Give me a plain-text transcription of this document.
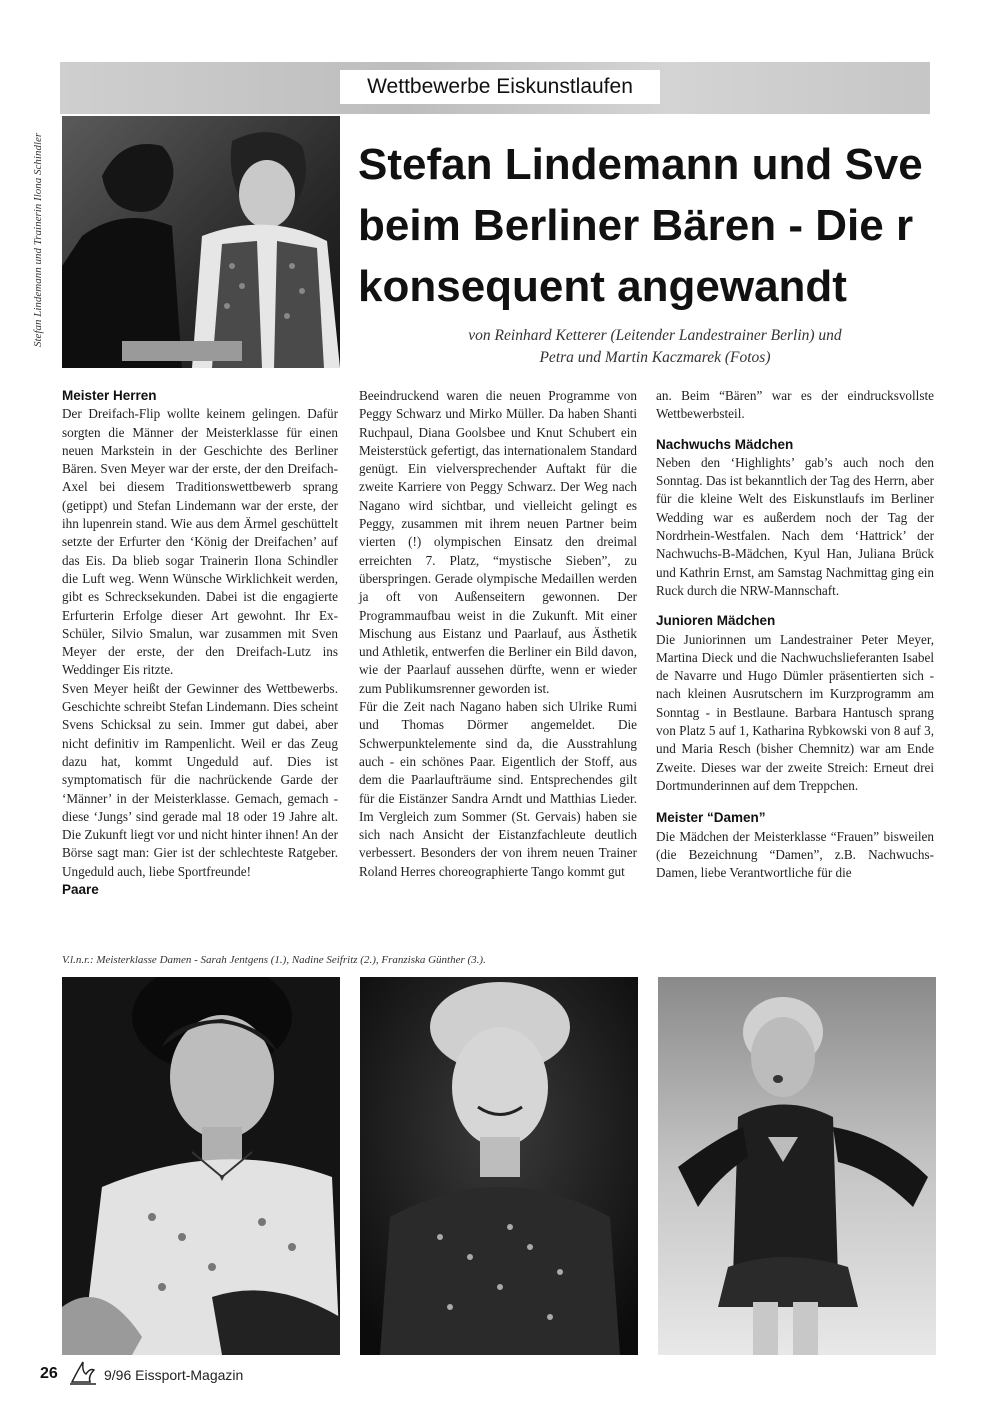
Wettbewerbe Eiskunstlaufen
Stefan Lindemann und Trainerin Ilona Schindler	Stefan Lindemann und Sve
beim Berliner Bären - Die r
konsequent angewandt
von Reinhard Ketterer (Leitender Landestrainer Berlin) und
Petra und Martin Kaczmarek (Fotos)
Meister Herren

Der Dreifach-Flip wollte keinem gelingen. Dafür sorgten die Männer der Meisterklasse für einen neuen Markstein in der Geschichte des Berliner Bären. Sven Meyer war der erste, der den Dreifach-Axel bei diesem Traditionswettbewerb sprang (getippt) und Stefan Lindemann war der erste, der ihn lupenrein stand. Wie aus dem Ärmel geschüttelt setzte der Erfurter den ‘König der Dreifachen’ auf das Eis. Da blieb sogar Trainerin Ilona Schindler die Luft weg. Wenn Wünsche Wirklichkeit werden, gibt es Schrecksekunden. Dabei ist die engagierte Erfurterin Erfolge dieser Art gewohnt. Ihr Ex-Schüler, Silvio Smalun, war zusammen mit Sven Meyer der erste, der den Dreifach-Lutz ins Weddinger Eis ritzte.

Sven Meyer heißt der Gewinner des Wettbewerbs. Geschichte schreibt Stefan Lindemann. Dies scheint Svens Schicksal zu sein. Immer gut dabei, aber nicht definitiv im Rampenlicht. Weil er das Zeug dazu hat, kommt Ungeduld auf. Dies ist symptomatisch für die nachrückende Garde der ‘Männer’ in der Meisterklasse. Gemach, gemach - diese ‘Jungs’ sind gerade mal 18 oder 19 Jahre alt. Die Zukunft liegt vor und nicht hinter ihnen! An der Börse sagt man: Gier ist der schlechteste Ratgeber. Ungeduld auch, liebe Sportfreunde!

Paare

Beeindruckend waren die neuen Programme von Peggy Schwarz und Mirko Müller. Da haben Shanti Ruchpaul, Diana Goolsbee und Knut Schubert ein Meisterstück gefertigt, das internationalem Standard genügt. Ein vielversprechender Auftakt für die zweite Karriere von Peggy Schwarz. Der Weg nach Nagano wird sichtbar, und vielleicht gelingt es Peggy, zusammen mit ihrem neuen Partner beim vierten (!) olympischen Einsatz den dreimal erreichten 7. Platz, “mystische Sieben”, zu überspringen. Gerade olympische Medaillen werden ja oft von Außenseitern gewonnen. Der Programmaufbau weist in die Zukunft. Mit einer Mischung aus Eistanz und Paarlauf, aus Ästhetik und Athletik, entwerfen die Berliner ein Bild davon, wie der Paarlauf aussehen dürfte, wenn er wieder zum Publikumsrenner geworden ist.

Für die Zeit nach Nagano haben sich Ulrike Rumi und Thomas Dörmer angemeldet. Die Schwerpunktelemente sind da, die Ausstrahlung auch - ein schönes Paar. Eigentlich der Stoff, aus dem die Paarlaufträume sind. Entsprechendes gilt für die Eistänzer Sandra Arndt und Matthias Lieder. Im Vergleich zum Sommer (St. Gervais) haben sie sich nach Ansicht der Eistanzfachleute deutlich verbessert. Besonders der von ihrem neuen Trainer Roland Herres choreographierte Tango kommt gut

an. Beim “Bären” war es der eindrucksvollste Wettbewerbsteil.

Nachwuchs Mädchen

Neben den ‘Highlights’ gab’s auch noch den Sonntag. Das ist bekanntlich der Tag des Herrn, aber für die kleine Welt des Eiskunstlaufs im Berliner Wedding war es außerdem noch der Tag der Nordrhein-Westfalen. Nach dem ‘Hattrick’ der Nachwuchs-B-Mädchen, Kyul Han, Juliana Brück und Kathrin Ernst, am Samstag Nachmittag ging ein Ruck durch die NRW-Mannschaft.

Junioren Mädchen

Die Juniorinnen um Landestrainer Peter Meyer, Martina Dieck und die Nachwuchslieferanten Isabel de Navarre und Hugo Dümler präsentierten sich - nach kleinen Ausrutschern im Kurzprogramm am Sonntag - in Bestlaune. Barbara Hantusch sprang von Platz 5 auf 1, Katharina Rybkowski von 8 auf 3, und Maria Resch (bisher Chemnitz) war am Ende Zweite. Dieses war der zweite Streich: Erneut drei Dortmunderinnen auf dem Treppchen.

Meister “Damen”

Die Mädchen der Meisterklasse “Frauen” bisweilen (die Bezeichnung “Damen”, z.B. Nachwuchs-Damen, liebe Verantwortliche für die

V.l.n.r.: Meisterklasse Damen - Sarah Jentgens (1.), Nadine Seifritz (2.), Franziska Günther (3.).
26	9/96 Eissport-Magazin
